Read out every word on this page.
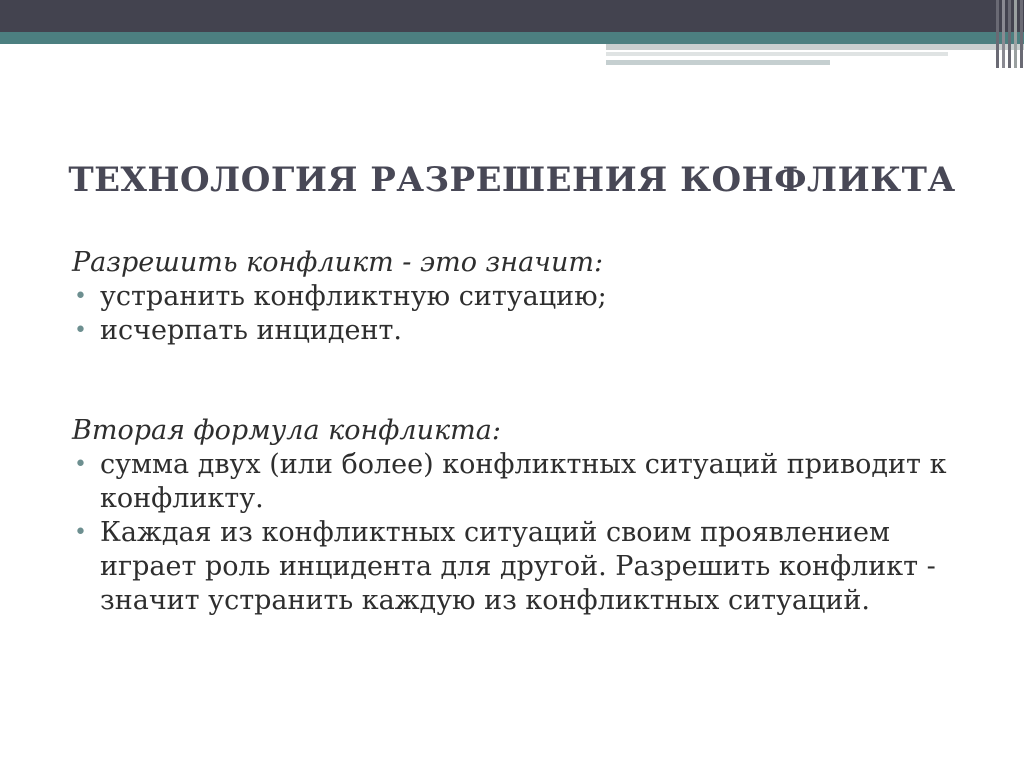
ТЕХНОЛОГИЯ РАЗРЕШЕНИЯ КОНФЛИКТА
Разрешить конфликт - это значит:
• устранить конфликтную ситуацию;
• исчерпать инцидент.
Вторая формула конфликта:
• сумма двух (или более) конфликтных ситуаций приводит к конфликту.
• Каждая из конфликтных ситуаций своим проявлением играет роль инцидента для другой. Разрешить конфликт - значит устранить каждую из конфликтных ситуаций.
